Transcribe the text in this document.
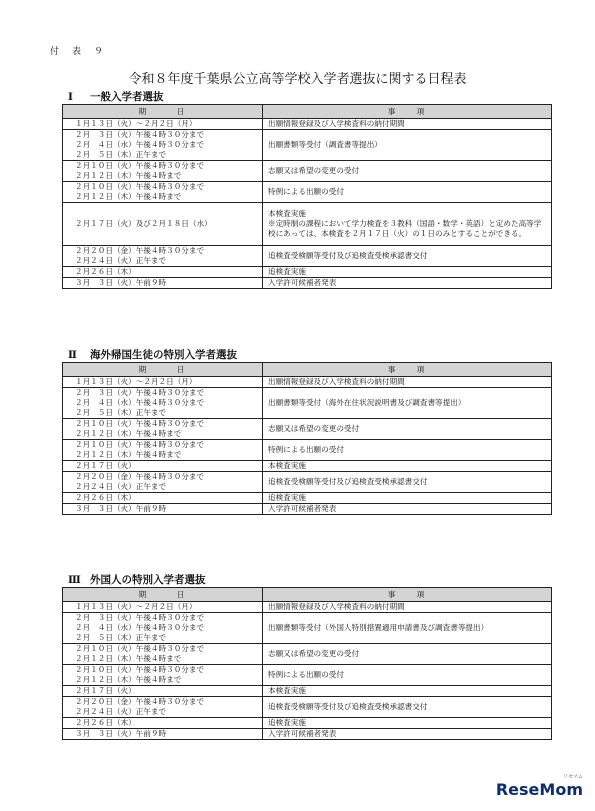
付　表　９
令和８年度千葉県公立高等学校入学者選抜に関する日程表
Ⅰ 一般入学者選抜
期　　　日	事　　項

１月１３日（火）～２月２日（月）	出願情報登録及び入学検査料の納付期間

２月　３日（火）午後４時３０分まで
２月　４日（水）午後４時３０分まで
２月　５日（木）正午まで	出願書類等受付（調査書等提出）

２月１０日（火）午後４時３０分まで
２月１２日（木）午後４時まで	志願又は希望の変更の受付

２月１０日（火）午後４時３０分まで
２月１２日（木）午後４時まで	特例による出願の受付

２月１７日（火）及び２月１８日（水）	本検査実施
※定時制の課程において学力検査を３教科（国語・数学・英語）と定めた高等学校にあっては、本検査を２月１７日（火）の１日のみとすることができる。

２月２０日（金）午後４時３０分まで
２月２４日（火）正午まで	追検査受検願等受付及び追検査受検承認書交付

２月２６日（木）	追検査実施

３月　３日（火）午前９時	入学許可候補者発表
Ⅱ 海外帰国生徒の特別入学者選抜
期　　　日	事　　項

１月１３日（火）～２月２日（月）	出願情報登録及び入学検査料の納付期間

２月　３日（火）午後４時３０分まで
２月　４日（水）午後４時３０分まで
２月　５日（木）正午まで	出願書類等受付（海外在住状況説明書及び調査書等提出）

２月１０日（火）午後４時３０分まで
２月１２日（木）午後４時まで	志願又は希望の変更の受付

２月１０日（火）午後４時３０分まで
２月１２日（木）午後４時まで	特例による出願の受付

２月１７日（火）	本検査実施

２月２０日（金）午後４時３０分まで
２月２４日（火）正午まで	追検査受検願等受付及び追検査受検承認書交付

２月２６日（木）	追検査実施

３月　３日（火）午前９時	入学許可候補者発表
Ⅲ 外国人の特別入学者選抜
期　　　日	事　　項

１月１３日（火）～２月２日（月）	出願情報登録及び入学検査料の納付期間

２月　３日（火）午後４時３０分まで
２月　４日（水）午後４時３０分まで
２月　５日（木）正午まで	出願書類等受付（外国人特別措置適用申請書及び調査書等提出）

２月１０日（火）午後４時３０分まで
２月１２日（木）午後４時まで	志願又は希望の変更の受付

２月１０日（火）午後４時３０分まで
２月１２日（木）午後４時まで	特例による出願の受付

２月１７日（火）	本検査実施

２月２０日（金）午後４時３０分まで
２月２４日（火）正午まで	追検査受検願等受付及び追検査受検承認書交付

２月２６日（木）	追検査実施

３月　３日（火）午前９時	入学許可候補者発表
ReseMom
リセマム
